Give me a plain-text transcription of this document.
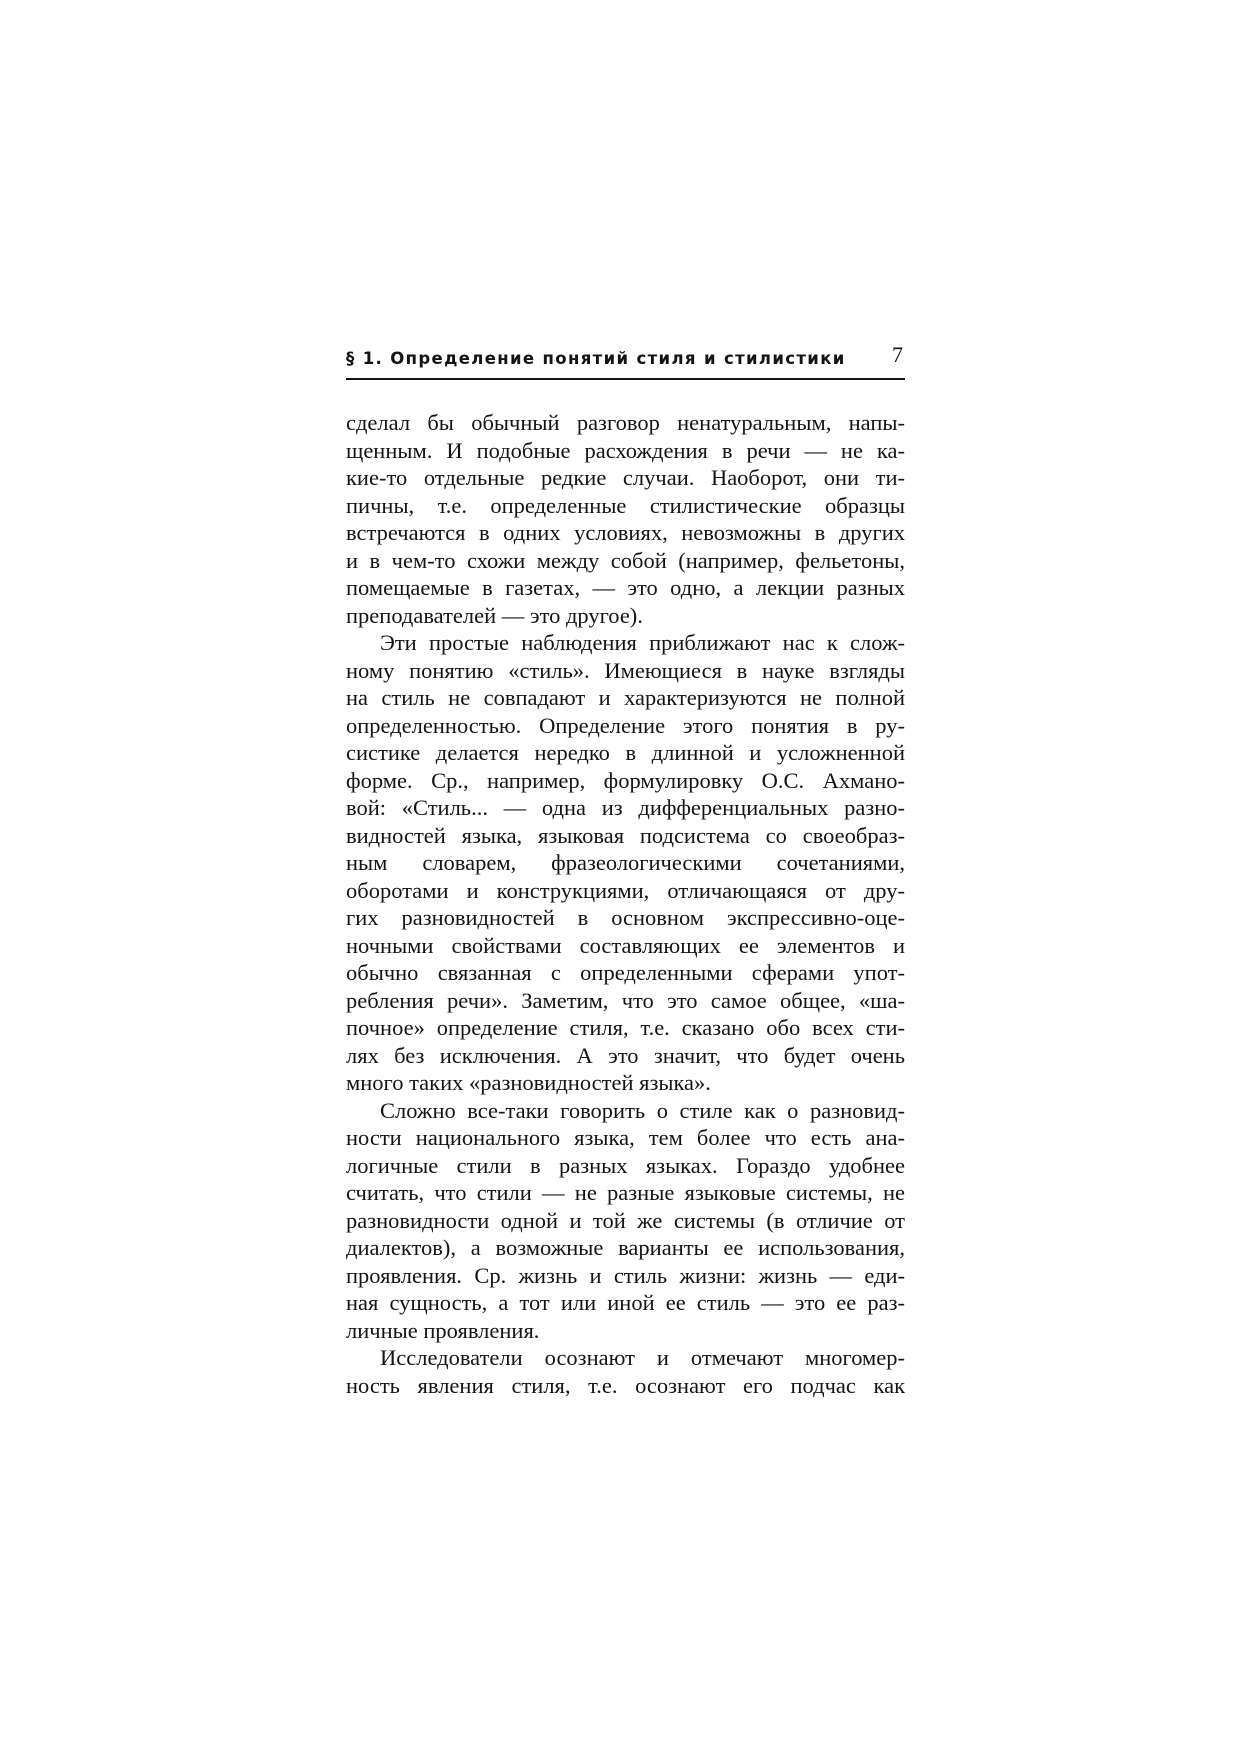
§ 1. Определение понятий стиля и стилистики 7
сделал бы обычный разговор ненатуральным, напы-
щенным. И подобные расхождения в речи — не ка-
кие-то отдельные редкие случаи. Наоборот, они ти-
пичны, т.е. определенные стилистические образцы
встречаются в одних условиях, невозможны в других
и в чем-то схожи между собой (например, фельетоны,
помещаемые в газетах, — это одно, а лекции разных
преподавателей — это другое).
Эти простые наблюдения приближают нас к слож-
ному понятию «стиль». Имеющиеся в науке взгляды
на стиль не совпадают и характеризуются не полной
определенностью. Определение этого понятия в ру-
систике делается нередко в длинной и усложненной
форме. Ср., например, формулировку О.С. Ахмано-
вой: «Стиль... — одна из дифференциальных разно-
видностей языка, языковая подсистема со своеобраз-
ным словарем, фразеологическими сочетаниями,
оборотами и конструкциями, отличающаяся от дру-
гих разновидностей в основном экспрессивно-оце-
ночными свойствами составляющих ее элементов и
обычно связанная с определенными сферами упот-
ребления речи». Заметим, что это самое общее, «ша-
почное» определение стиля, т.е. сказано обо всех сти-
лях без исключения. А это значит, что будет очень
много таких «разновидностей языка».
Сложно все-таки говорить о стиле как о разновид-
ности национального языка, тем более что есть ана-
логичные стили в разных языках. Гораздо удобнее
считать, что стили — не разные языковые системы, не
разновидности одной и той же системы (в отличие от
диалектов), а возможные варианты ее использования,
проявления. Ср. жизнь и стиль жизни: жизнь — еди-
ная сущность, а тот или иной ее стиль — это ее раз-
личные проявления.
Исследователи осознают и отмечают многомер-
ность явления стиля, т.е. осознают его подчас как
